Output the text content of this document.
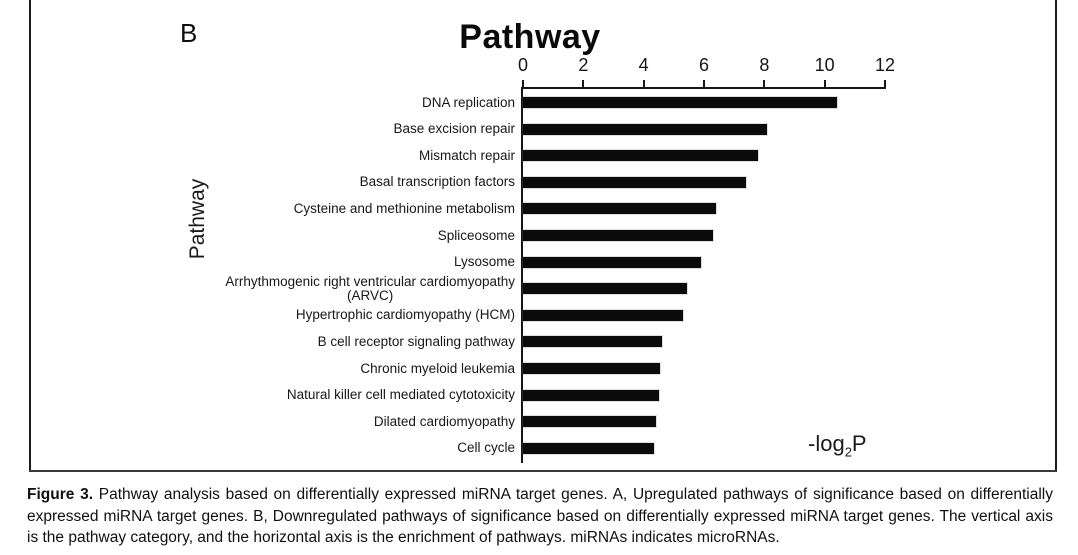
B	Pathway
Pathway
0	2	4	6	8	10 12
DNA replication
Base excision repair
Mismatch repair
Basal transcription factors
Cysteine and methionine metabolism
Spliceosome
Lysosome
Arrhythmogenic right ventricular cardiomyopathy
(ARVC)
Hypertrophic cardiomyopathy (HCM)
B cell receptor signaling pathway
Chronic myeloid leukemia
Natural killer cell mediated cytotoxicity
Dilated cardiomyopathy
Cell cycle	$-\log_2P$
Figure 3. Pathway analysis based on differentially expressed miRNA target genes. A, Upregulated pathways of significance based on differentially expressed miRNA target genes. B, Downregulated pathways of significance based on differentially expressed miRNA target genes. The vertical axis is the pathway category, and the horizontal axis is the enrichment of pathways. miRNAs indicates microRNAs.
